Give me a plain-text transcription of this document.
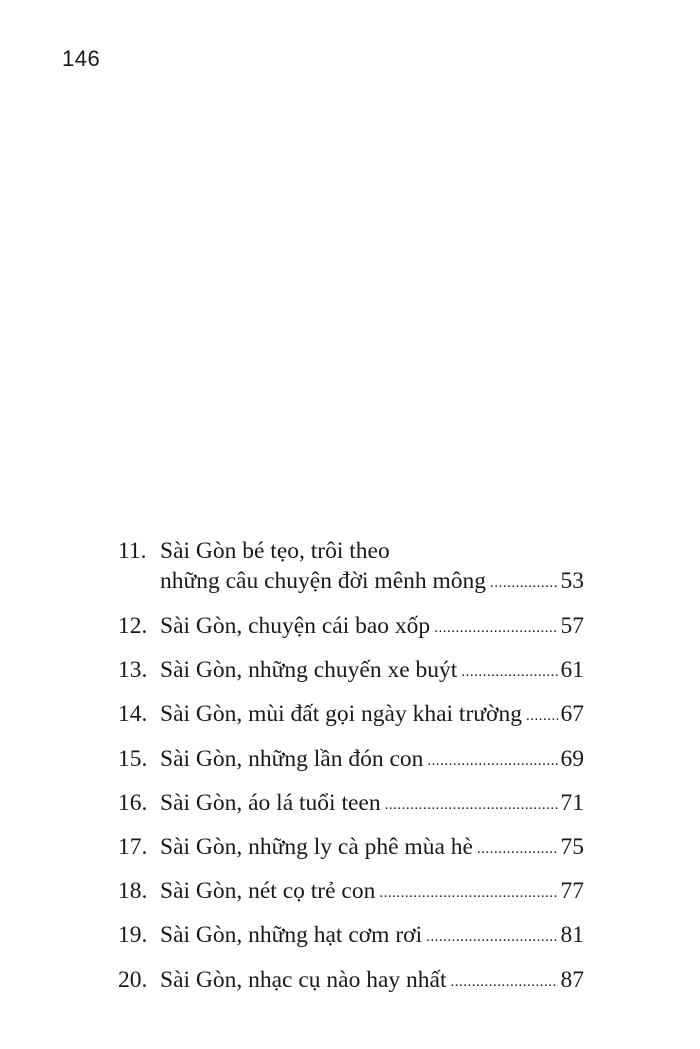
146
11. Sài Gòn bé tẹo, trôi theo
những câu chuyện đời mênh mông .....	53
12. Sài Gòn, chuyện cái bao xốp .....	57
13. Sài Gòn, những chuyến xe buýt .....	61
14. Sài Gòn, mùi đất gọi ngày khai trường ..... 67
15. Sài Gòn, những lần đón con .....	69
16. Sài Gòn, áo lá tuổi teen .....	71
17. Sài Gòn, những ly cà phê mùa hè .....	75
18. Sài Gòn, nét cọ trẻ con .....	77
19. Sài Gòn, những hạt cơm rơi .....	81
20. Sài Gòn, nhạc cụ nào hay nhất .....	87
